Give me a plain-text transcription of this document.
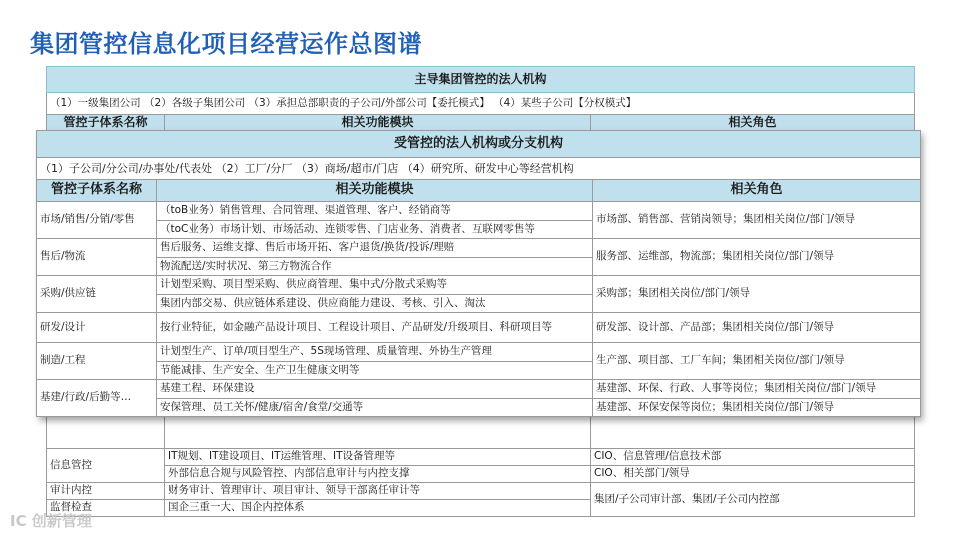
集团管控信息化项目经营运作总图谱
主导集团管控的法人机构		
（1）一级集团公司 （2）各级子集团公司 （3）承担总部职责的子公司/外部公司【委托模式】 （4）某些子公司【分权模式】		
管控子体系名称	相关功能模块	相关角色

信息管控	IT规划、IT建设项目、IT运维管理、IT设备管理等	CIO、信息管理/信息技术部
	外部信息合规与风险管控、内部信息审计与内控支撑	CIO、相关部门/领导
审计内控	财务审计、管理审计、项目审计、领导干部离任审计等	集团/子公司审计部、集团/子公司内控部
监督检查	国企三重一大、国企内控体系	
受管控的法人机构或分支机构		
（1）子公司/分公司/办事处/代表处 （2）工厂/分厂 （3）商场/超市/门店 （4）研究所、研发中心等经营机构		
管控子体系名称	相关功能模块	相关角色
市场/销售/分销/零售	（toB业务）销售管理、合同管理、渠道管理、客户、经销商等	市场部、销售部、营销岗领导；集团相关岗位/部门/领导
	（toC业务）市场计划、市场活动、连锁零售、门店业务、消费者、互联网零售等	
售后/物流	售后服务、运维支撑、售后市场开拓、客户退货/换货/投诉/理赔	服务部、运维部，物流部；集团相关岗位/部门/领导
	物流配送/实时状况、第三方物流合作	
采购/供应链	计划型采购、项目型采购、供应商管理、集中式/分散式采购等	采购部；集团相关岗位/部门/领导
	集团内部交易、供应链体系建设、供应商能力建设、考核、引入、淘汰	
研发/设计	按行业特征，如金融产品设计项目、工程设计项目、产品研发/升级项目、科研项目等	研发部、设计部、产品部；集团相关岗位/部门/领导
制造/工程	计划型生产、订单/项目型生产、5S现场管理、质量管理、外协生产管理	生产部、项目部、工厂车间；集团相关岗位/部门/领导
	节能减排、生产安全、生产卫生健康文明等	
基建/行政/后勤等…	基建工程、环保建设	基建部、环保、行政、人事等岗位；集团相关岗位/部门/领导
	安保管理、员工关怀/健康/宿舍/食堂/交通等	基建部、环保安保等岗位；集团相关岗位/部门/领导
IC 创新管理
